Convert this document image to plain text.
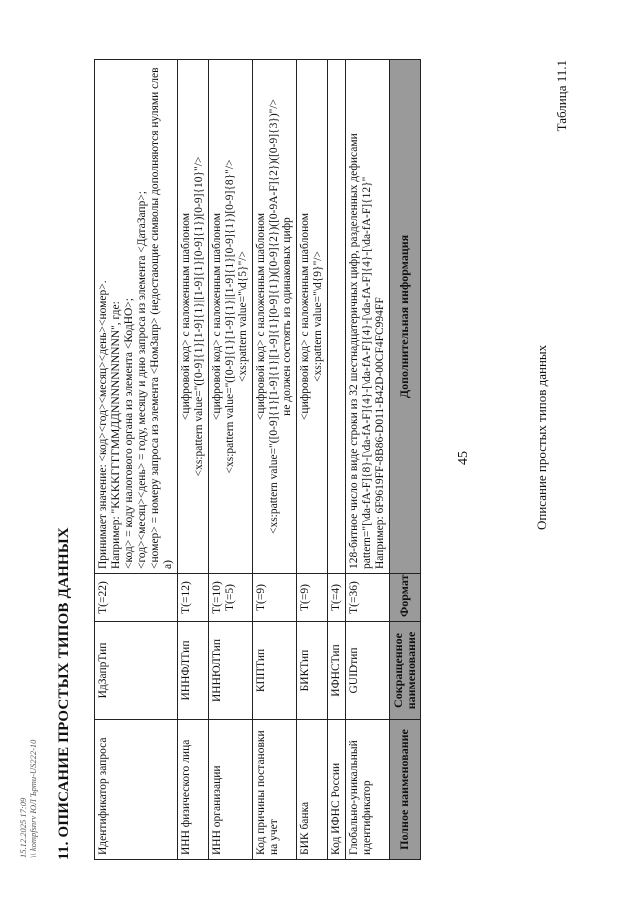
15.12.2025 17:09
\\ kompfsnrv ЮЛ Ърти-US222-10 11. ОПИСАНИЕ ПРОСТЫХ ТИПОВ ДАННЫХ
45	Описание простых типов данных
Таблица 11.1
Глобально-уникальный идентификатор	GUIDтип	T(=36)	128-битное число в виде строки из 32 шестнадцатеричных цифр, разделенных дефисами pattern="[\da-fA-F]{8}-[\da-fA-F]{4}-[\da-fA-F]{4}-[\da-fA-F]{4}-[\da-fA-F]{12}" Например: 6F9619FF-8B86-D011-B42D-00CF4FC994FF

Код ИФНС России	ИФНСТип	T(=4)	
БИК банка	БИКТип	T(=9)	<цифровой код> с наложенным шаблоном <xs:pattern value="\d{9}"/>

Код причины постановки на учет	КППТип	T(=9)	<цифровой код> с наложенным шаблоном <xs:pattern value="([0-9]{1}[1-9]{1}|[1-9]{1}[0-9]{1})([0-9]{2})([0-9A-F]{2})([0-9]{3})"/> не должен состоять из одинаковых цифр

ИНН организации	ИННЮЛТип	T(=10) T(=5)	<цифровой код> с наложенным шаблоном <xs:pattern value="([0-9]{1}[1-9]{1}|[1-9]{1}[0-9]{1})[0-9]{8}"/> <xs:pattern value="\d{5}"/>

ИНН физического лица	ИННФЛТип	T(=12)	<цифровой код> с наложенным шаблоном <xs:pattern value="([0-9]{1}[1-9]{1}|[1-9]{1}[0-9]{1})[0-9]{10}"/>

Идентификатор запроса	ИдЗапрТип	T(=22)	Принимает значение: <код><год><месяц><день><номер>. Например: "KKKKГГГГММДДNNNNNNNNNN", где: <код> = коду налогового органа из элемента <КодНО>; <год><месяц><день> = году, месяцу и дню запроса из элемента <ДатаЗапр>; <номер> = номеру запроса из элемента <НомЗапр> (недостающие символы дополняются нулями слева)

Полное наименование	Сокращенное наименование	Формат	Дополнительная информация
